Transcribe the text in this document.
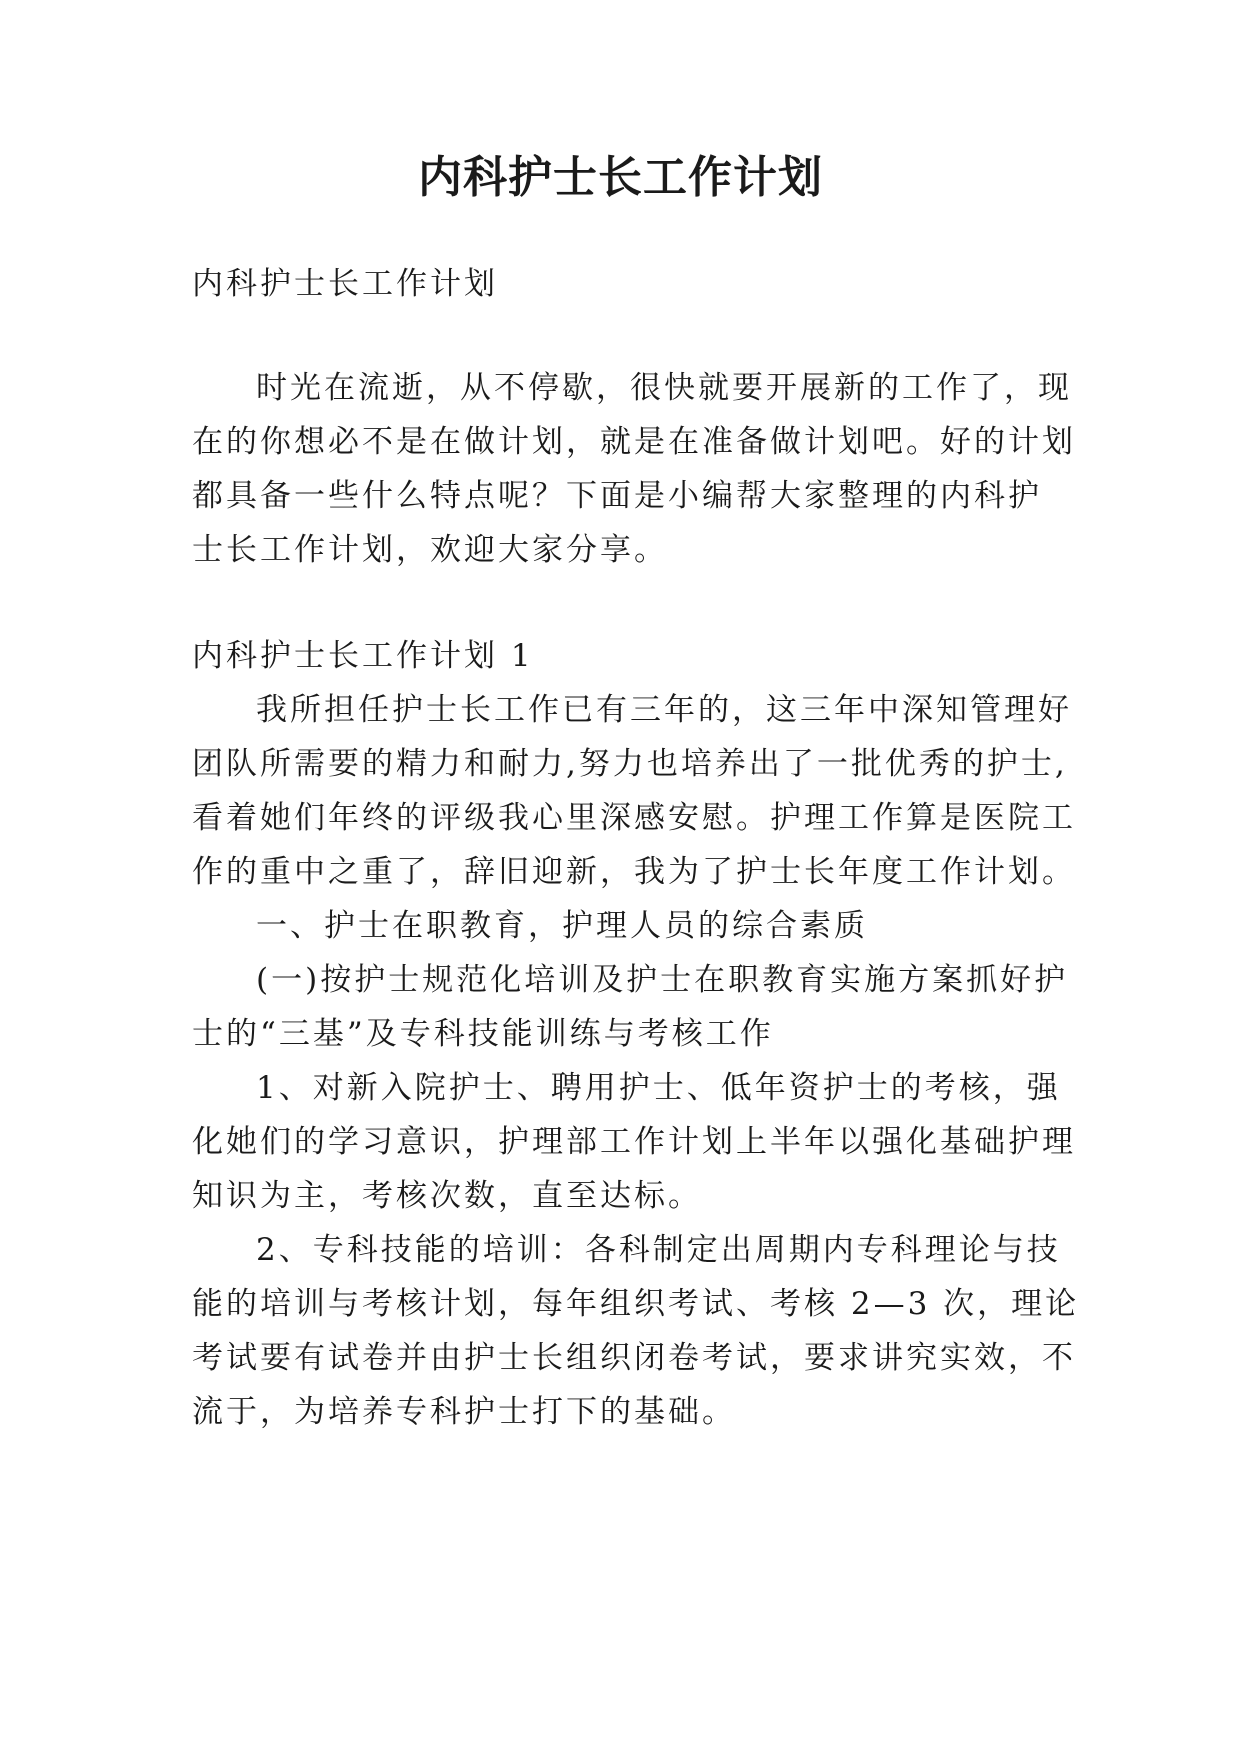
内科护士长工作计划

内科护士长工作计划

时光在流逝，从不停歇，很快就要开展新的工作了，现

在的你想必不是在做计划，就是在准备做计划吧。好的计划

都具备一些什么特点呢？下面是小编帮大家整理的内科护

士长工作计划，欢迎大家分享。

内科护士长工作计划 1

我所担任护士长工作已有三年的，这三年中深知管理好

团队所需要的精力和耐力,努力也培养出了一批优秀的护士,

看着她们年终的评级我心里深感安慰。护理工作算是医院工

作的重中之重了，辞旧迎新，我为了护士长年度工作计划。

一、护士在职教育，护理人员的综合素质

(一)按护士规范化培训及护士在职教育实施方案抓好护

士的“三基”及专科技能训练与考核工作

1、对新入院护士、聘用护士、低年资护士的考核，强

化她们的学习意识，护理部工作计划上半年以强化基础护理

知识为主，考核次数，直至达标。

2、专科技能的培训：各科制定出周期内专科理论与技

能的培训与考核计划，每年组织考试、考核 2—3 次，理论

考试要有试卷并由护士长组织闭卷考试，要求讲究实效，不

流于，为培养专科护士打下的基础。
